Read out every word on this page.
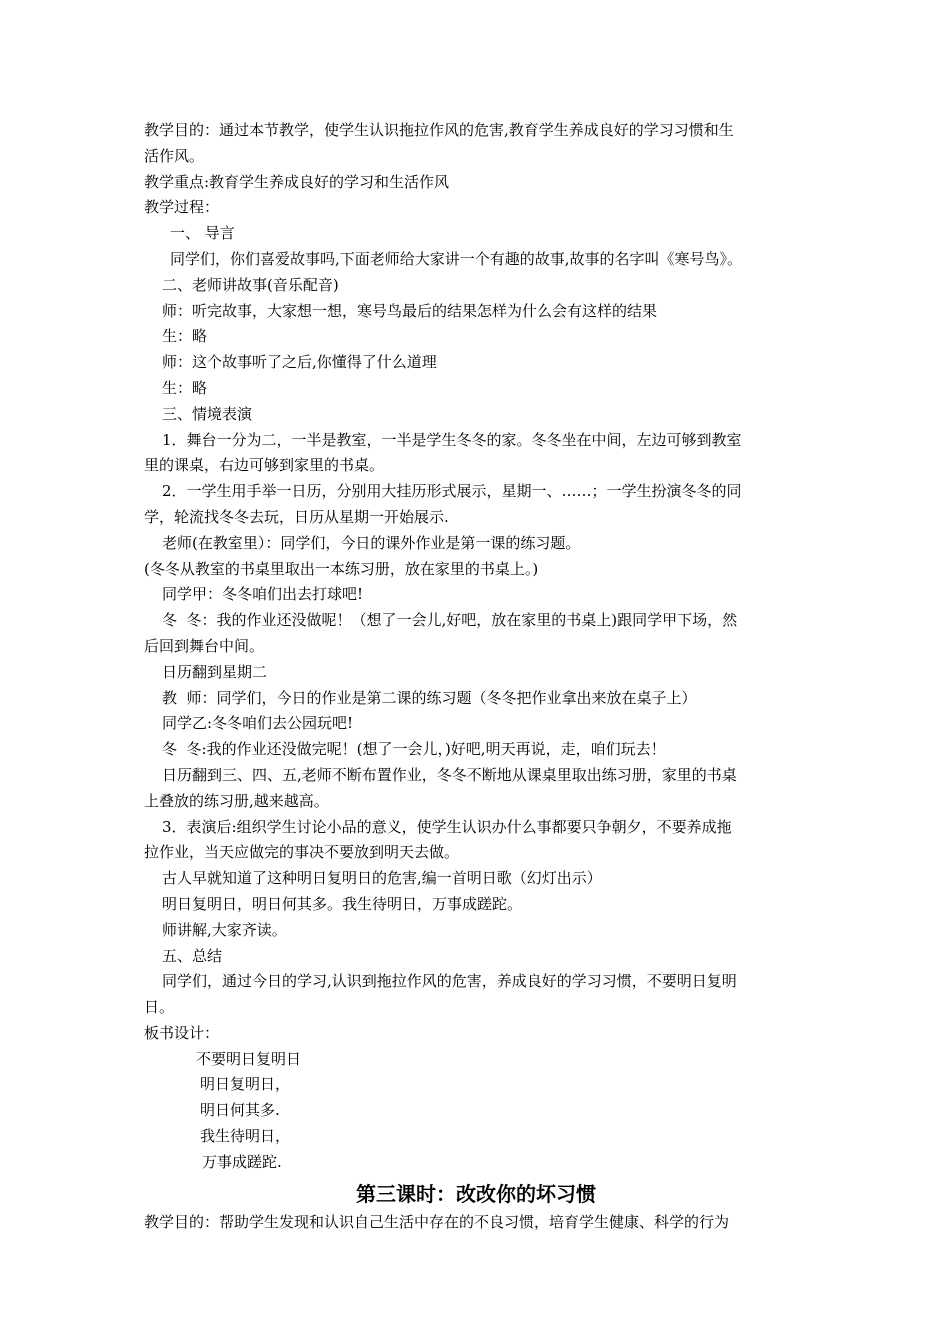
教学目的：通过本节教学，使学生认识拖拉作风的危害,教育学生养成良好的学习习惯和生
活作风。
教学重点:教育学生养成良好的学习和生活作风
教学过程：
一、 导言
同学们，你们喜爱故事吗,下面老师给大家讲一个有趣的故事,故事的名字叫《寒号鸟》。
二、老师讲故事(音乐配音)
师：听完故事，大家想一想，寒号鸟最后的结果怎样为什么会有这样的结果
生：略
师：这个故事听了之后,你懂得了什么道理
生：略
三、情境表演
1．舞台一分为二，一半是教室，一半是学生冬冬的家。冬冬坐在中间，左边可够到教室
里的课桌，右边可够到家里的书桌。
2．一学生用手举一日历，分别用大挂历形式展示，星期一、……；一学生扮演冬冬的同
学，轮流找冬冬去玩，日历从星期一开始展示.
老师(在教室里）：同学们，今日的课外作业是第一课的练习题。
(冬冬从教室的书桌里取出一本练习册，放在家里的书桌上。)
同学甲：冬冬咱们出去打球吧!
冬  冬：我的作业还没做呢！（想了一会儿,好吧，放在家里的书桌上)跟同学甲下场，然
后回到舞台中间。
日历翻到星期二
教  师：同学们，今日的作业是第二课的练习题（冬冬把作业拿出来放在桌子上）
同学乙:冬冬咱们去公园玩吧!
冬  冬:我的作业还没做完呢！(想了一会儿，)好吧,明天再说，走，咱们玩去！
日历翻到三、四、五,老师不断布置作业，冬冬不断地从课桌里取出练习册，家里的书桌
上叠放的练习册,越来越高。
3．表演后:组织学生讨论小品的意义，使学生认识办什么事都要只争朝夕，不要养成拖
拉作业，当天应做完的事决不要放到明天去做。
古人早就知道了这种明日复明日的危害,编一首明日歌（幻灯出示）
明日复明日，明日何其多。我生待明日，万事成蹉跎。
师讲解,大家齐读。
五、总结
同学们，通过今日的学习,认识到拖拉作风的危害，养成良好的学习习惯，不要明日复明
日。
板书设计：
不要明日复明日
明日复明日，
明日何其多.
我生待明日，
万事成蹉跎.
第三课时：改改你的坏习惯
教学目的：帮助学生发现和认识自己生活中存在的不良习惯，培育学生健康、科学的行为
